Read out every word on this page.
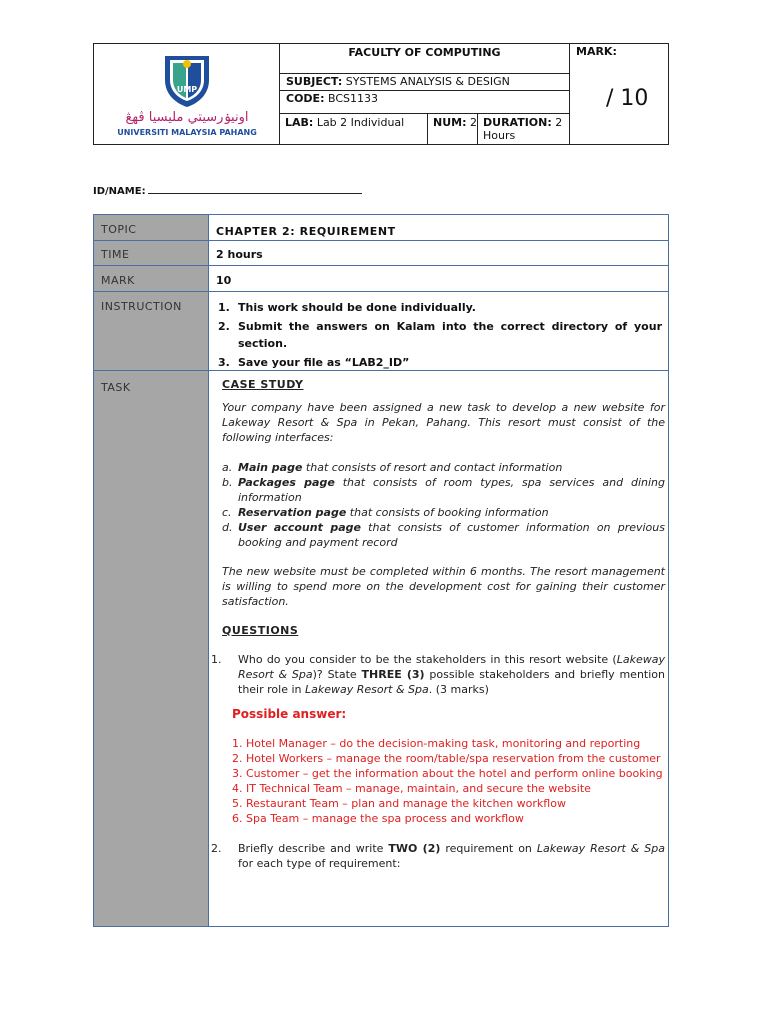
UMP
اونيۏرسيتي مليسيا ڤهڠ
UNIVERSITI MALAYSIA PAHANG
FACULTY OF COMPUTING
SUBJECT: SYSTEMS ANALYSIS & DESIGN
CODE: BCS1133
LAB: Lab 2 Individual	NUM: 2 DURATION: 2 Hours
MARK:
/ 10
ID/NAME:
TOPIC	CHAPTER 2: REQUIREMENT
TIME	2 hours
MARK	10
INSTRUCTION	1. This work should be done individually.
2. Submit the answers on Kalam into the correct directory of your section.
3. Save your file as “LAB2_ID”
TASK	CASE STUDY
Your company have been assigned a new task to develop a new website for Lakeway Resort & Spa in Pekan, Pahang. This resort must consist of the following interfaces:
a. Main page that consists of resort and contact information
b. Packages page that consists of room types, spa services and dining information
c. Reservation page that consists of booking information
d. User account page that consists of customer information on previous booking and payment record
The new website must be completed within 6 months. The resort management is willing to spend more on the development cost for gaining their customer satisfaction.
QUESTIONS
1. Who do you consider to be the stakeholders in this resort website (Lakeway Resort & Spa)? State THREE (3) possible stakeholders and briefly mention their role in Lakeway Resort & Spa. (3 marks)
Possible answer:
1. Hotel Manager – do the decision-making task, monitoring and reporting
2. Hotel Workers – manage the room/table/spa reservation from the customer
3. Customer – get the information about the hotel and perform online booking
4. IT Technical Team – manage, maintain, and secure the website
5. Restaurant Team – plan and manage the kitchen workflow
6. Spa Team – manage the spa process and workflow
2. Briefly describe and write TWO (2) requirement on Lakeway Resort & Spa for each type of requirement:
